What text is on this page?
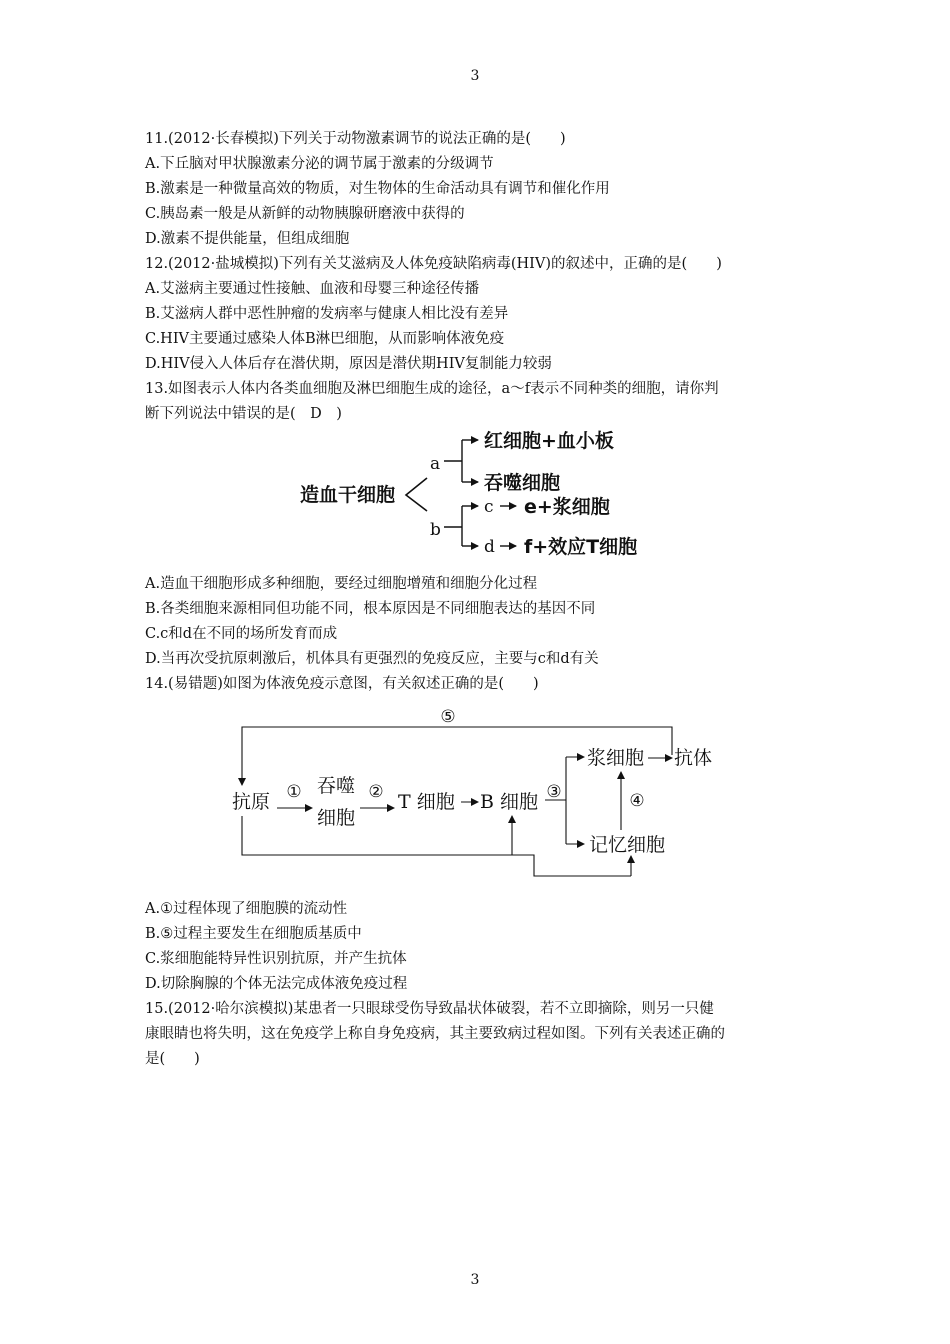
3
11.(2012·长春模拟)下列关于动物激素调节的说法正确的是(　　)
A.下丘脑对甲状腺激素分泌的调节属于激素的分级调节
B.激素是一种微量高效的物质，对生物体的生命活动具有调节和催化作用
C.胰岛素一般是从新鲜的动物胰腺研磨液中获得的
D.激素不提供能量，但组成细胞
12.(2012·盐城模拟)下列有关艾滋病及人体免疫缺陷病毒(HIV)的叙述中，正确的是(　　)
A.艾滋病主要通过性接触、血液和母婴三种途径传播
B.艾滋病人群中恶性肿瘤的发病率与健康人相比没有差异
C.HIV主要通过感染人体B淋巴细胞，从而影响体液免疫
D.HIV侵入人体后存在潜伏期，原因是潜伏期HIV复制能力较弱
13.如图表示人体内各类血细胞及淋巴细胞生成的途径，a～f表示不同种类的细胞，请你判
断下列说法中错误的是(　D　)
造血干细胞
a
b
红细胞+血小板
吞噬细胞
c e+浆细胞
d f+效应T细胞
A.造血干细胞形成多种细胞，要经过细胞增殖和细胞分化过程
B.各类细胞来源相同但功能不同，根本原因是不同细胞表达的基因不同
C.c和d在不同的场所发育而成
D.当再次受抗原刺激后，机体具有更强烈的免疫反应，主要与c和d有关
14.(易错题)如图为体液免疫示意图，有关叙述正确的是(　　)
⑤
抗原 ① 吞噬
细胞
② T 细胞 B 细胞 ③
浆细胞 抗体
记忆细胞
④
A.①过程体现了细胞膜的流动性
B.⑤过程主要发生在细胞质基质中
C.浆细胞能特异性识别抗原，并产生抗体
D.切除胸腺的个体无法完成体液免疫过程
15.(2012·哈尔滨模拟)某患者一只眼球受伤导致晶状体破裂，若不立即摘除，则另一只健
康眼睛也将失明，这在免疫学上称自身免疫病，其主要致病过程如图。下列有关表述正确的
是(　　)
3
